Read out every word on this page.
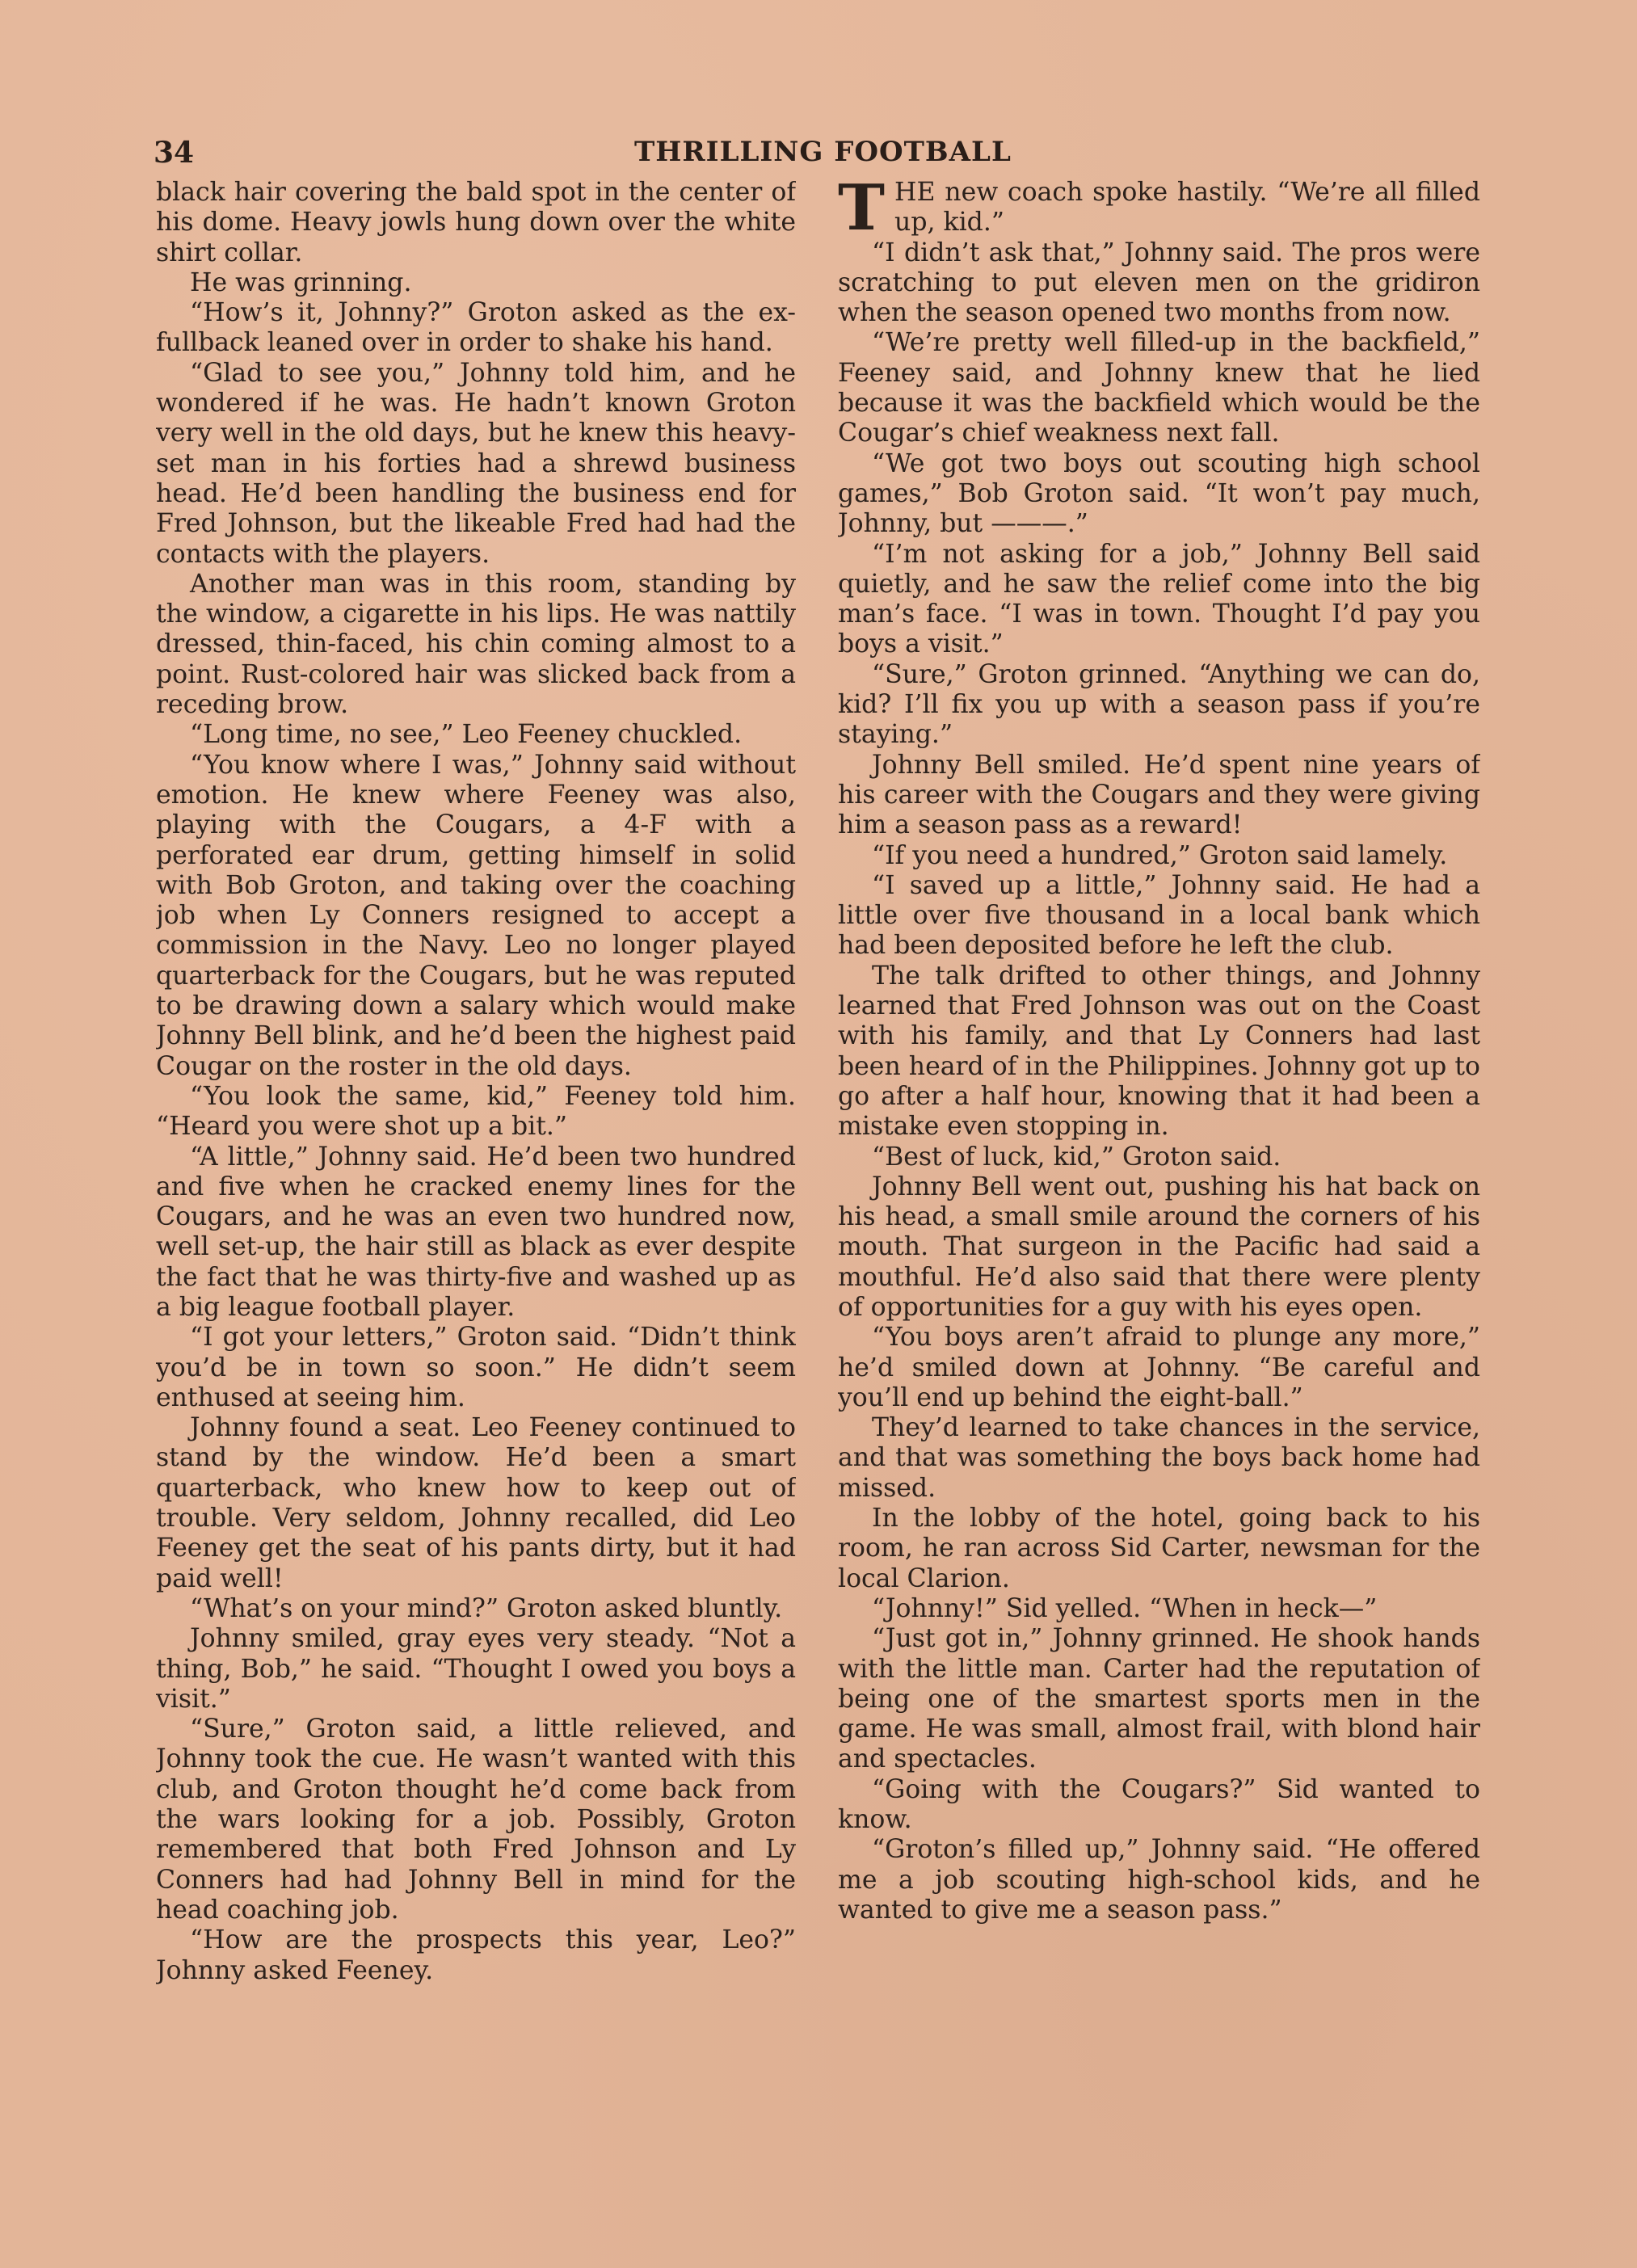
34	THRILLING FOOTBALL

black hair covering the bald spot in the center of his dome. Heavy jowls hung down over the white shirt collar.

He was grinning.

“How’s it, Johnny?” Groton asked as the ex-fullback leaned over in order to shake his hand.

“Glad to see you,” Johnny told him, and he wondered if he was. He hadn’t known Groton very well in the old days, but he knew this heavy-set man in his forties had a shrewd business head. He’d been handling the business end for Fred Johnson, but the likeable Fred had had the contacts with the players.

Another man was in this room, standing by the window, a cigarette in his lips. He was nattily dressed, thin-faced, his chin coming almost to a point. Rust-colored hair was slicked back from a receding brow.

“Long time, no see,” Leo Feeney chuckled.

“You know where I was,” Johnny said without emotion. He knew where Feeney was also, playing with the Cougars, a 4-F with a perforated ear drum, getting himself in solid with Bob Groton, and taking over the coaching job when Ly Conners resigned to accept a commission in the Navy. Leo no longer played quarterback for the Cougars, but he was reputed to be drawing down a salary which would make Johnny Bell blink, and he’d been the highest paid Cougar on the roster in the old days.

“You look the same, kid,” Feeney told him. “Heard you were shot up a bit.”

“A little,” Johnny said. He’d been two hundred and five when he cracked enemy lines for the Cougars, and he was an even two hundred now, well set-up, the hair still as black as ever despite the fact that he was thirty-five and washed up as a big league football player.

“I got your letters,” Groton said. “Didn’t think you’d be in town so soon.” He didn’t seem enthused at seeing him.

Johnny found a seat. Leo Feeney continued to stand by the window. He’d been a smart quarterback, who knew how to keep out of trouble. Very seldom, Johnny recalled, did Leo Feeney get the seat of his pants dirty, but it had paid well!

“What’s on your mind?” Groton asked bluntly.

Johnny smiled, gray eyes very steady. “Not a thing, Bob,” he said. “Thought I owed you boys a visit.”

“Sure,” Groton said, a little relieved, and Johnny took the cue. He wasn’t wanted with this club, and Groton thought he’d come back from the wars looking for a job. Possibly, Groton remembered that both Fred Johnson and Ly Conners had had Johnny Bell in mind for the head coaching job.

“How are the prospects this year, Leo?” Johnny asked Feeney.

THE new coach spoke hastily. “We’re all filled up, kid.”

“I didn’t ask that,” Johnny said. The pros were scratching to put eleven men on the gridiron when the season opened two months from now.

“We’re pretty well filled-up in the backfield,” Feeney said, and Johnny knew that he lied because it was the backfield which would be the Cougar’s chief weakness next fall.

“We got two boys out scouting high school games,” Bob Groton said. “It won’t pay much, Johnny, but ———.”

“I’m not asking for a job,” Johnny Bell said quietly, and he saw the relief come into the big man’s face. “I was in town. Thought I’d pay you boys a visit.”

“Sure,” Groton grinned. “Anything we can do, kid? I’ll fix you up with a season pass if you’re staying.”

Johnny Bell smiled. He’d spent nine years of his career with the Cougars and they were giving him a season pass as a reward!

“If you need a hundred,” Groton said lamely.

“I saved up a little,” Johnny said. He had a little over five thousand in a local bank which had been deposited before he left the club.

The talk drifted to other things, and Johnny learned that Fred Johnson was out on the Coast with his family, and that Ly Conners had last been heard of in the Philippines. Johnny got up to go after a half hour, knowing that it had been a mistake even stopping in.

“Best of luck, kid,” Groton said.

Johnny Bell went out, pushing his hat back on his head, a small smile around the corners of his mouth. That surgeon in the Pacific had said a mouthful. He’d also said that there were plenty of opportunities for a guy with his eyes open.

“You boys aren’t afraid to plunge any more,” he’d smiled down at Johnny. “Be careful and you’ll end up behind the eight-ball.”

They’d learned to take chances in the service, and that was something the boys back home had missed.

In the lobby of the hotel, going back to his room, he ran across Sid Carter, newsman for the local Clarion.

“Johnny!” Sid yelled. “When in heck—”

“Just got in,” Johnny grinned. He shook hands with the little man. Carter had the reputation of being one of the smartest sports men in the game. He was small, almost frail, with blond hair and spectacles.

“Going with the Cougars?” Sid wanted to know.

“Groton’s filled up,” Johnny said. “He offered me a job scouting high-school kids, and he wanted to give me a season pass.”
